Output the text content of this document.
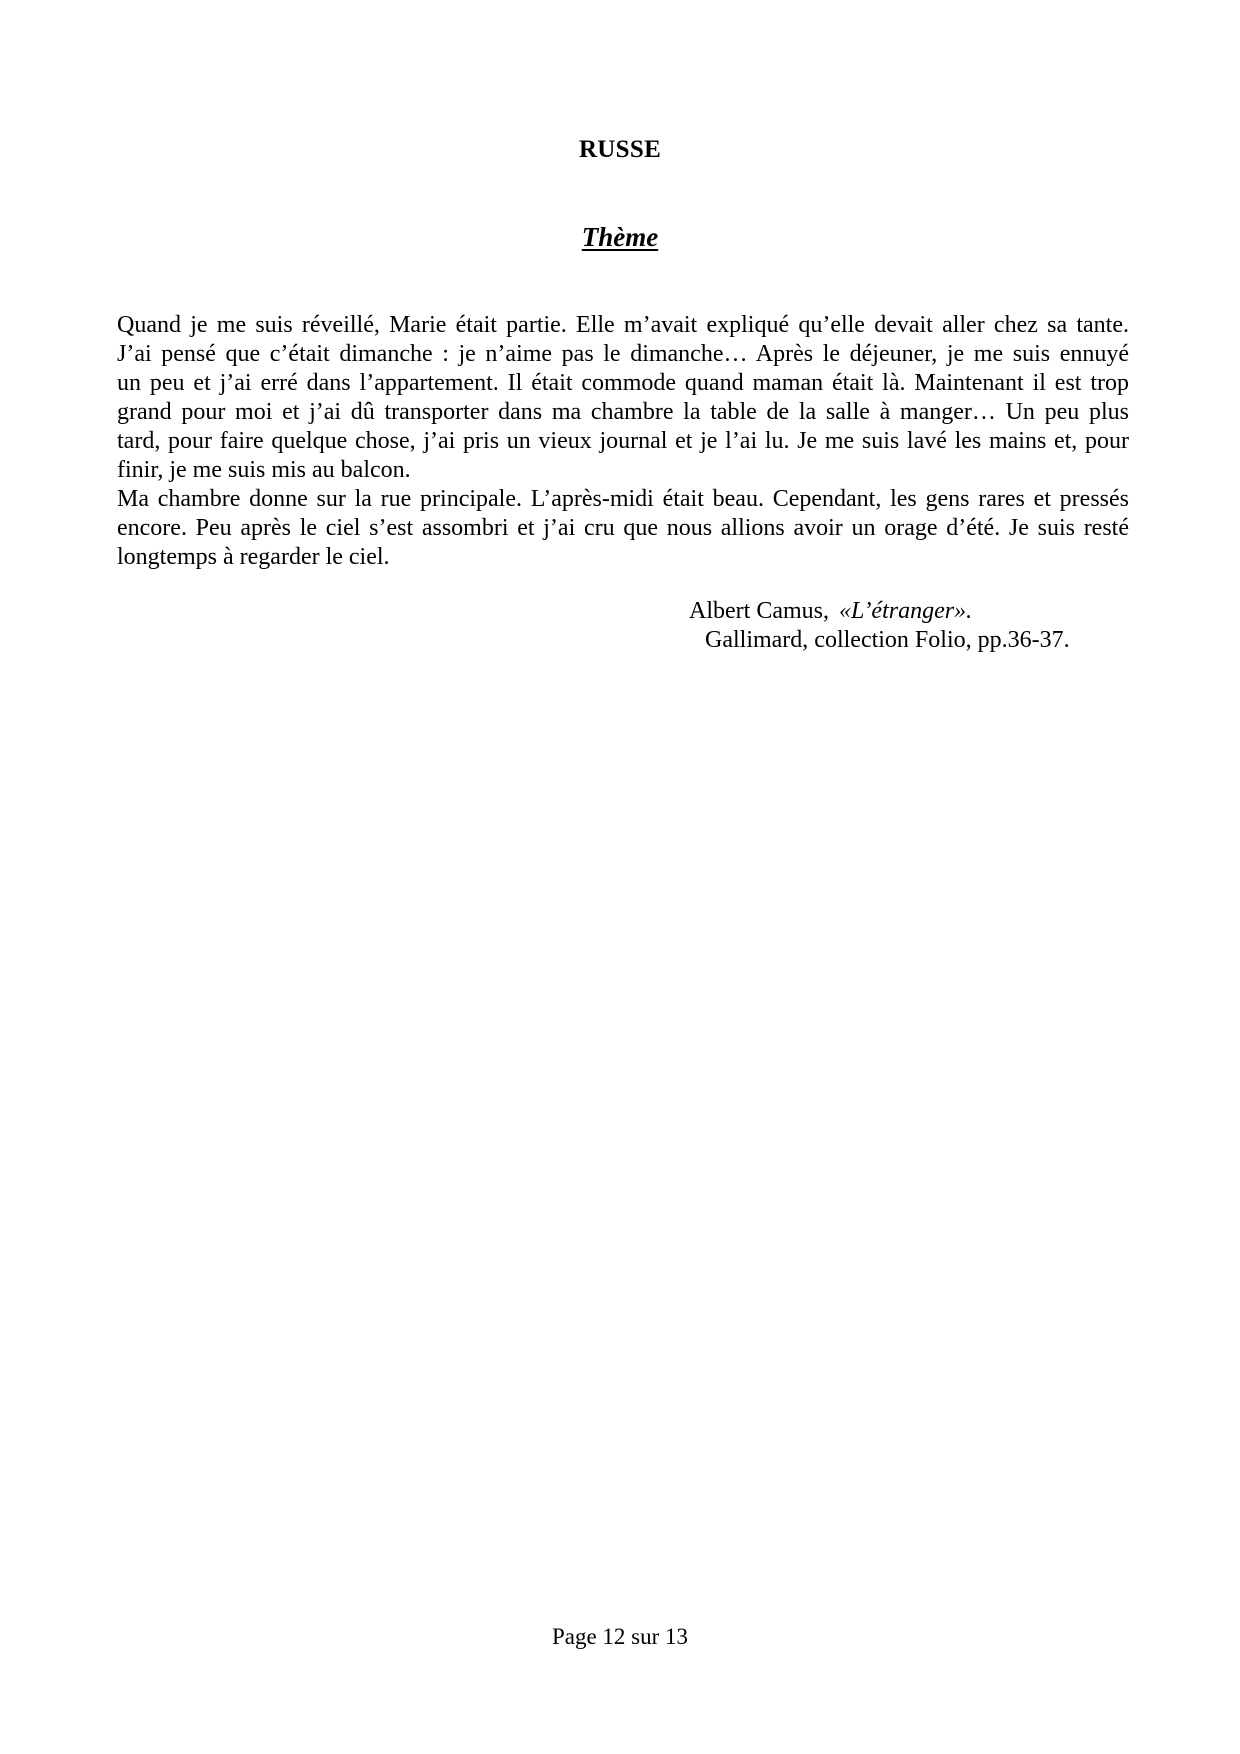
RUSSE
Thème

Quand je me suis réveillé, Marie était partie. Elle m’avait expliqué qu’elle devait aller chez sa tante.
J’ai pensé que c’était dimanche : je n’aime pas le dimanche… Après le déjeuner, je me suis ennuyé
un peu et j’ai erré dans l’appartement. Il était commode quand maman était là. Maintenant il est trop
grand pour moi et j’ai dû transporter dans ma chambre la table de la salle à manger… Un peu plus
tard, pour faire quelque chose, j’ai pris un vieux journal et je l’ai lu. Je me suis lavé les mains et, pour
finir, je me suis mis au balcon.

Ma chambre donne sur la rue principale. L’après-midi était beau. Cependant, les gens rares et pressés
encore. Peu après le ciel s’est assombri et j’ai cru que nous allions avoir un orage d’été. Je suis resté
longtemps à regarder le ciel.

Albert Camus, «L’étranger».
Gallimard, collection Folio, pp.36-37.
Page 12 sur 13
